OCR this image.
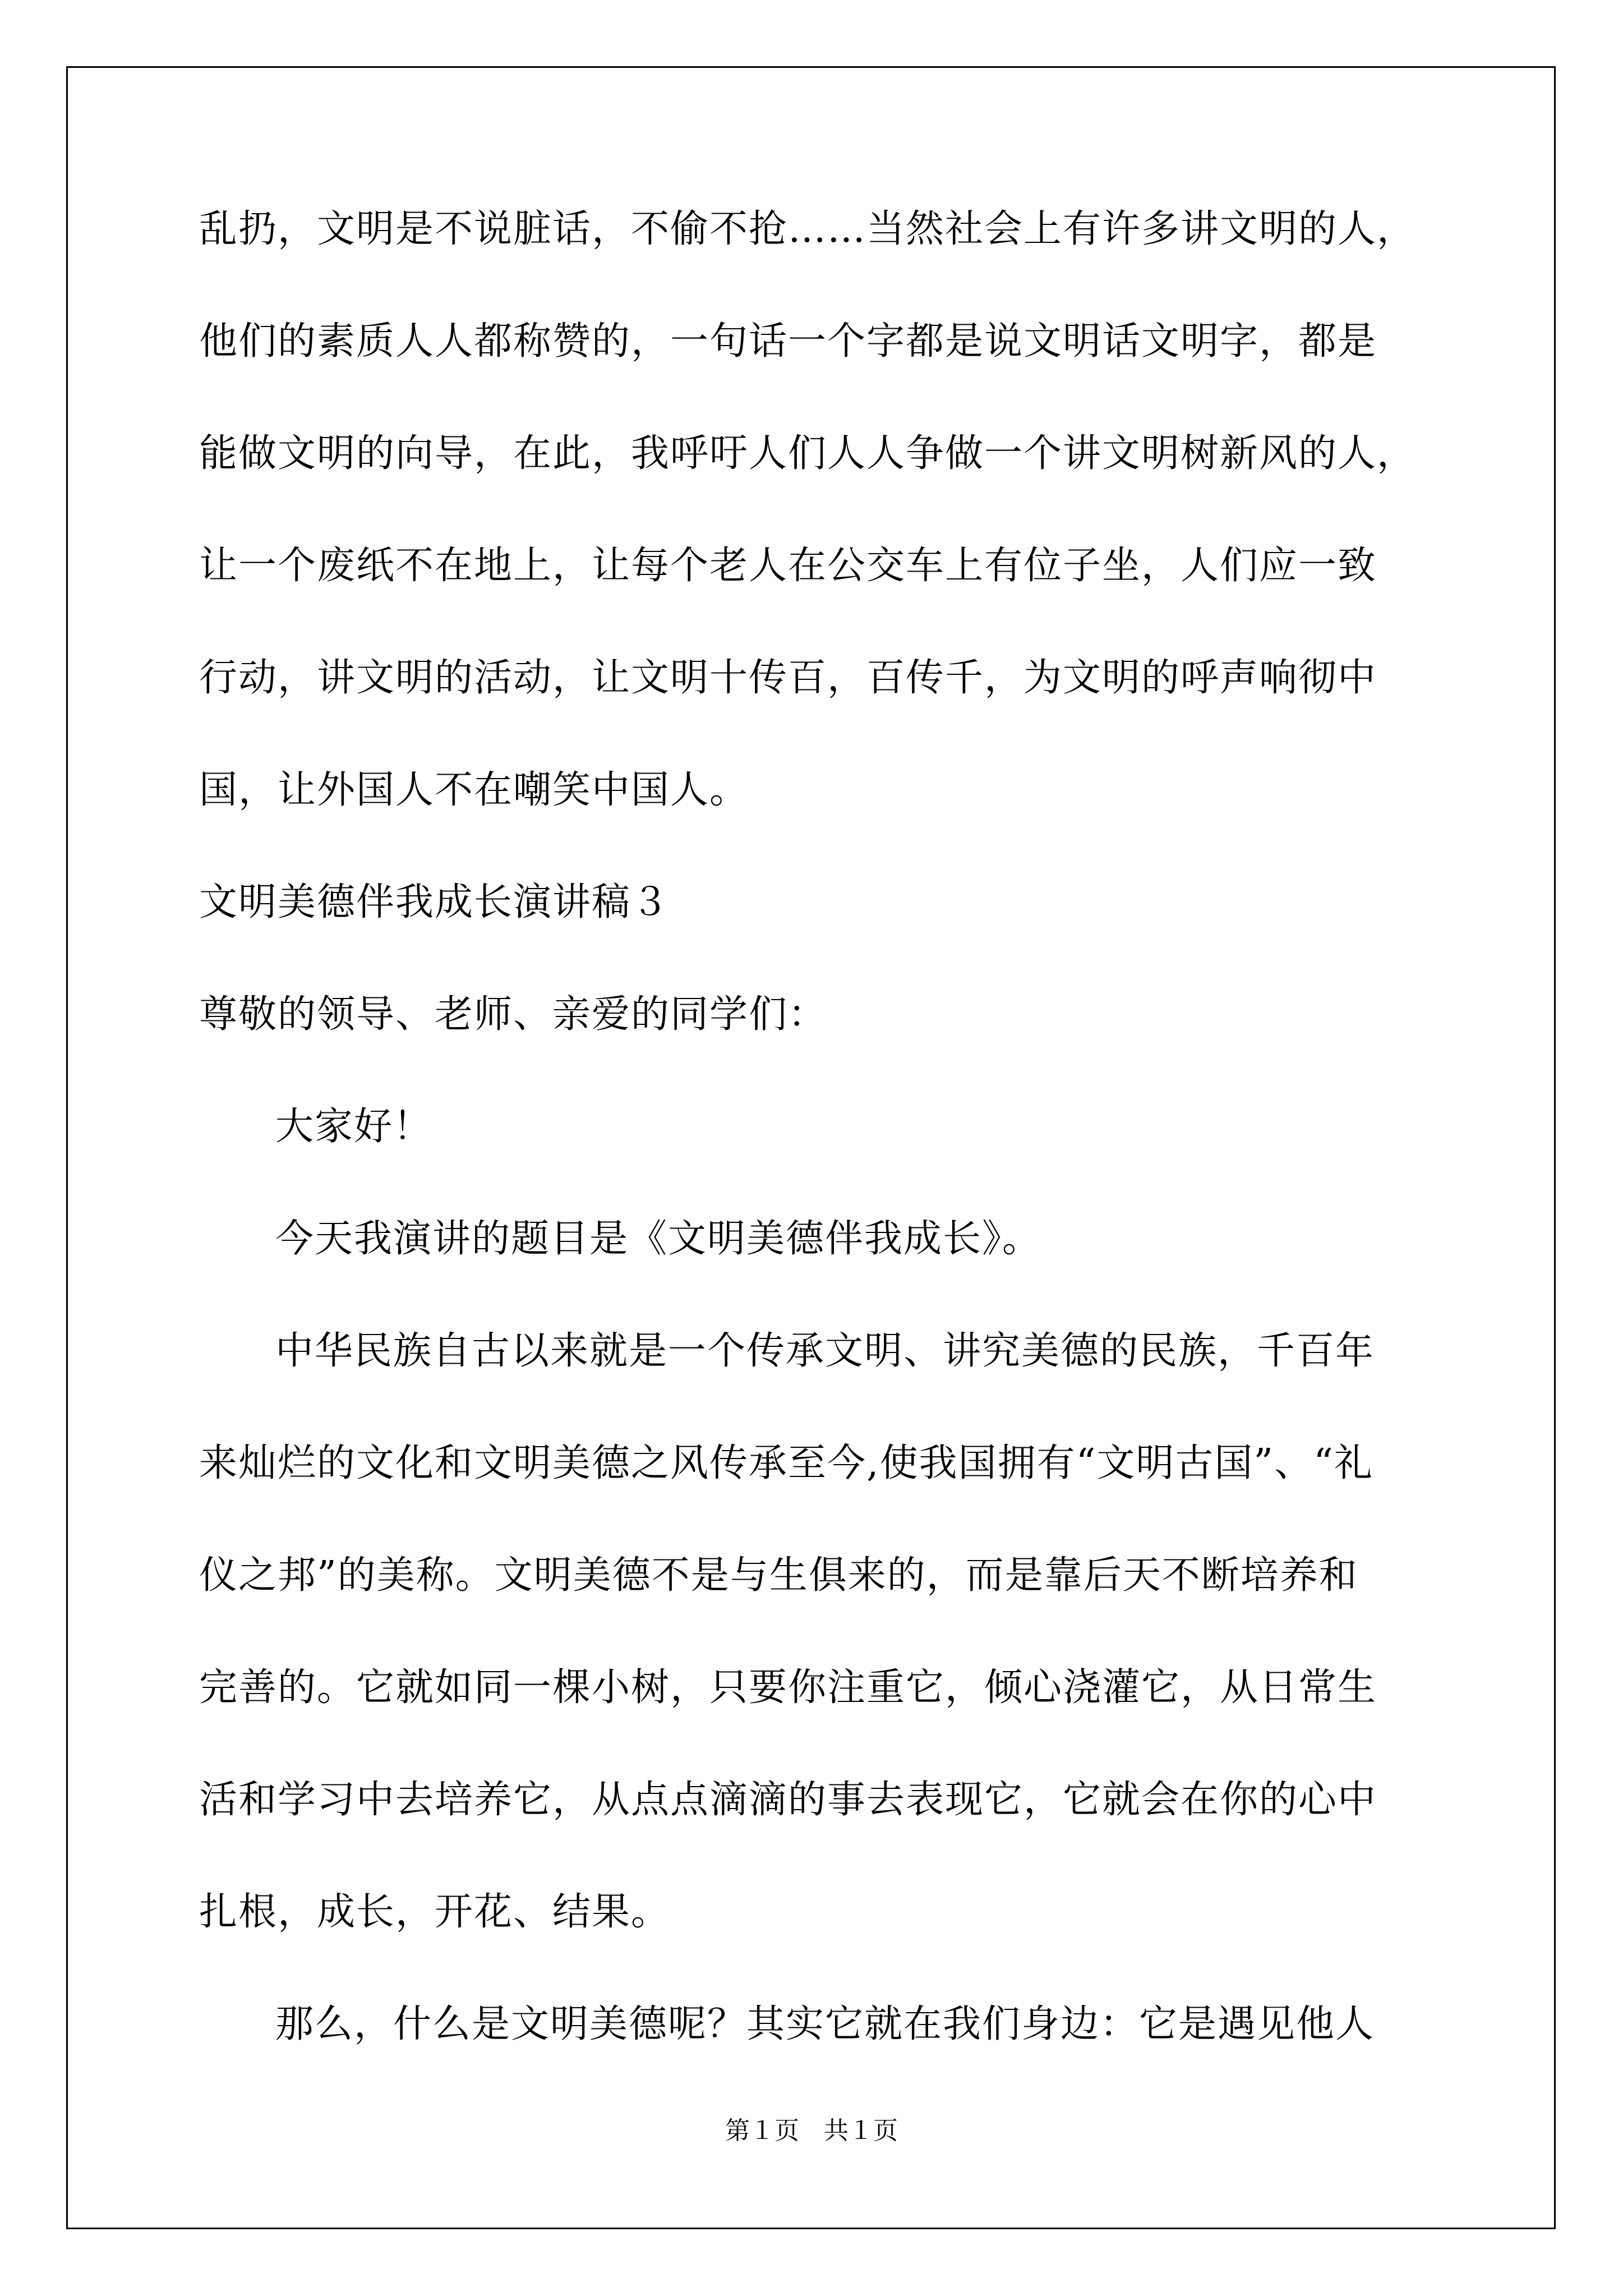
乱扔，文明是不说脏话，不偷不抢……当然社会上有许多讲文明的人，
他们的素质人人都称赞的，一句话一个字都是说文明话文明字，都是
能做文明的向导，在此，我呼吁人们人人争做一个讲文明树新风的人，
让一个废纸不在地上，让每个老人在公交车上有位子坐，人们应一致
行动，讲文明的活动，让文明十传百，百传千，为文明的呼声响彻中
国，让外国人不在嘲笑中国人。
文明美德伴我成长演讲稿３
尊敬的领导、老师、亲爱的同学们：
大家好！
今天我演讲的题目是《文明美德伴我成长》。
中华民族自古以来就是一个传承文明、讲究美德的民族，千百年
来灿烂的文化和文明美德之风传承至今,使我国拥有“文明古国”、“礼
仪之邦”的美称。文明美德不是与生俱来的，而是靠后天不断培养和
完善的。它就如同一棵小树，只要你注重它，倾心浇灌它，从日常生
活和学习中去培养它，从点点滴滴的事去表现它，它就会在你的心中
扎根，成长，开花、结果。
那么，什么是文明美德呢？其实它就在我们身边：它是遇见他人
第１页　共１页
